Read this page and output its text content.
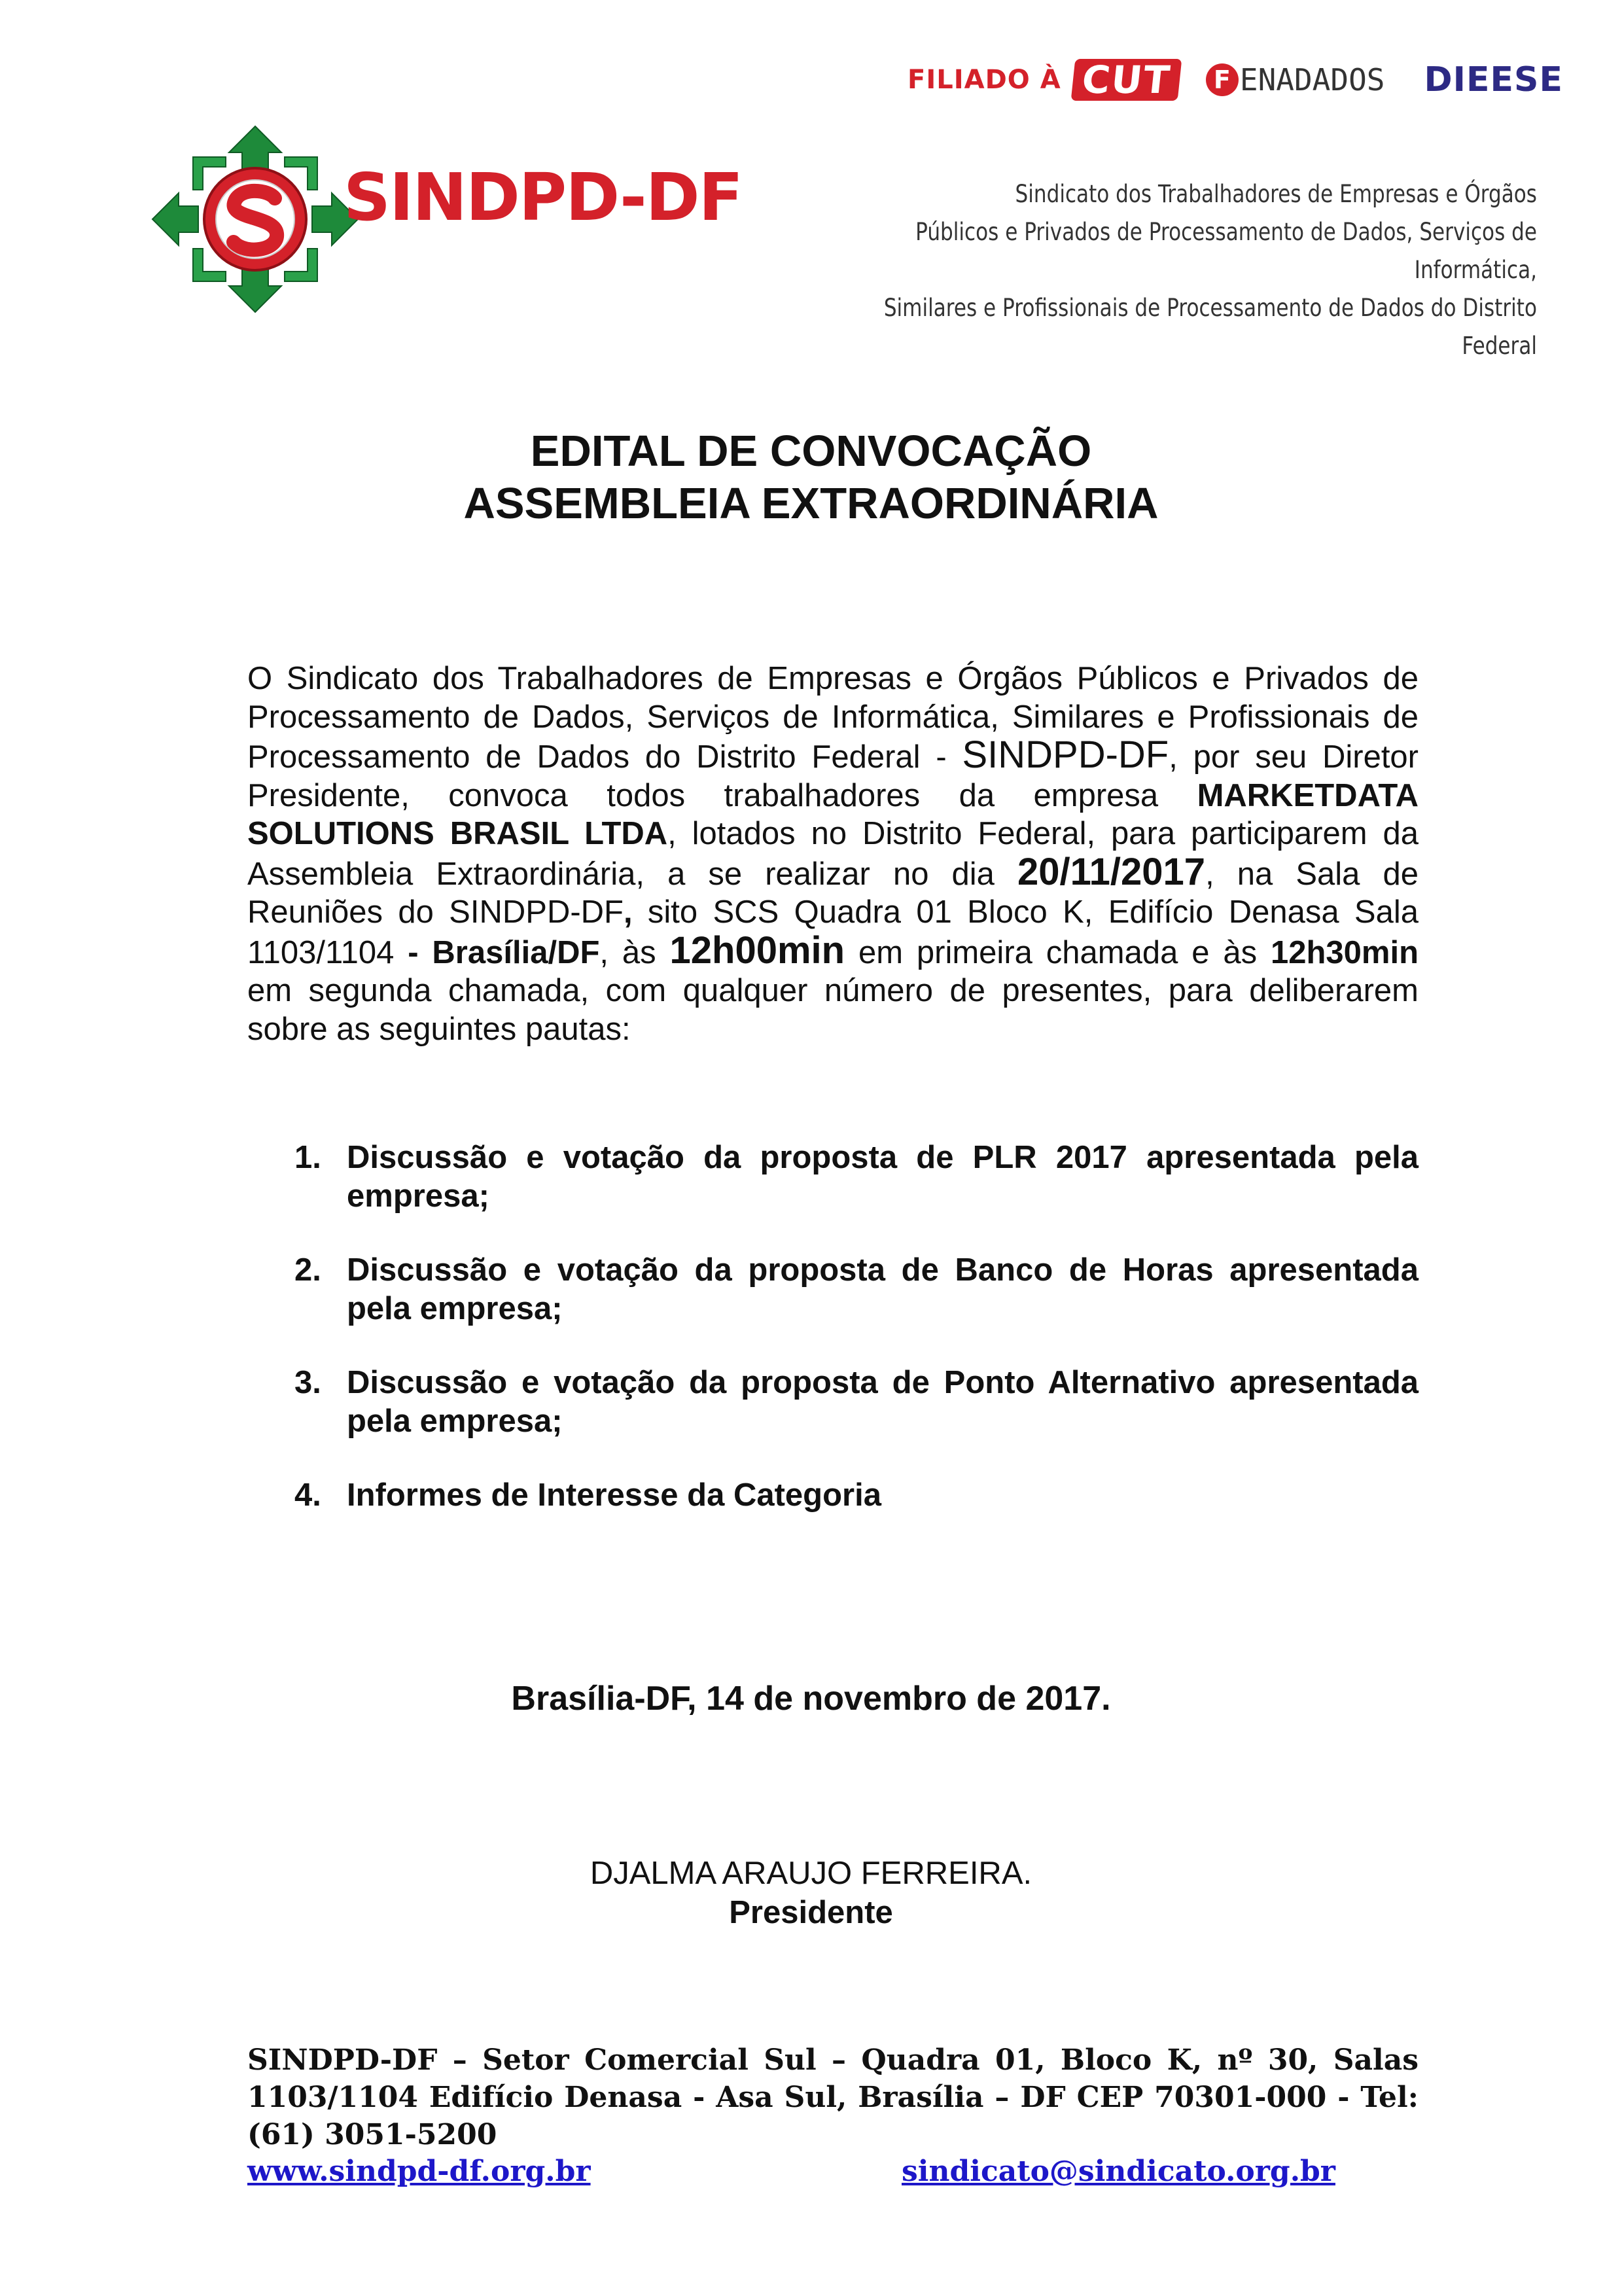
FILIADO À CUT	F ENADADOS DIEESE
SINDPD-DF	Sindicato dos Trabalhadores de Empresas e Órgãos
Públicos e Privados de Processamento de Dados, Serviços de Informática,
Similares e Profissionais de Processamento de Dados do Distrito Federal
EDITAL DE CONVOCAÇÃO
ASSEMBLEIA EXTRAORDINÁRIA
O Sindicato dos Trabalhadores de Empresas e Órgãos Públicos e Privados de Processamento de Dados, Serviços de Informática, Similares e Profissionais de Processamento de Dados do Distrito Federal - SINDPD-DF, por seu Diretor Presidente, convoca todos trabalhadores da empresa MARKETDATA SOLUTIONS BRASIL LTDA, lotados no Distrito Federal, para participarem da Assembleia Extraordinária, a se realizar no dia 20/11/2017, na Sala de Reuniões do SINDPD-DF, sito SCS Quadra 01 Bloco K, Edifício Denasa Sala 1103/1104 - Brasília/DF, às 12h00min em primeira chamada e às 12h30min em segunda chamada, com qualquer número de presentes, para deliberarem sobre as seguintes pautas:
1. Discussão e votação da proposta de PLR 2017 apresentada pela empresa;
2. Discussão e votação da proposta de Banco de Horas apresentada pela empresa;
3. Discussão e votação da proposta de Ponto Alternativo apresentada pela empresa;
4. Informes de Interesse da Categoria
Brasília-DF, 14 de novembro de 2017.
DJALMA ARAUJO FERREIRA.
Presidente
SINDPD-DF – Setor Comercial Sul – Quadra 01, Bloco K, nº 30, Salas 1103/1104 Edifício Denasa - Asa Sul, Brasília – DF CEP 70301-000 - Tel: (61) 3051-5200
www.sindpd-df.org.br	sindicato@sindicato.org.br
